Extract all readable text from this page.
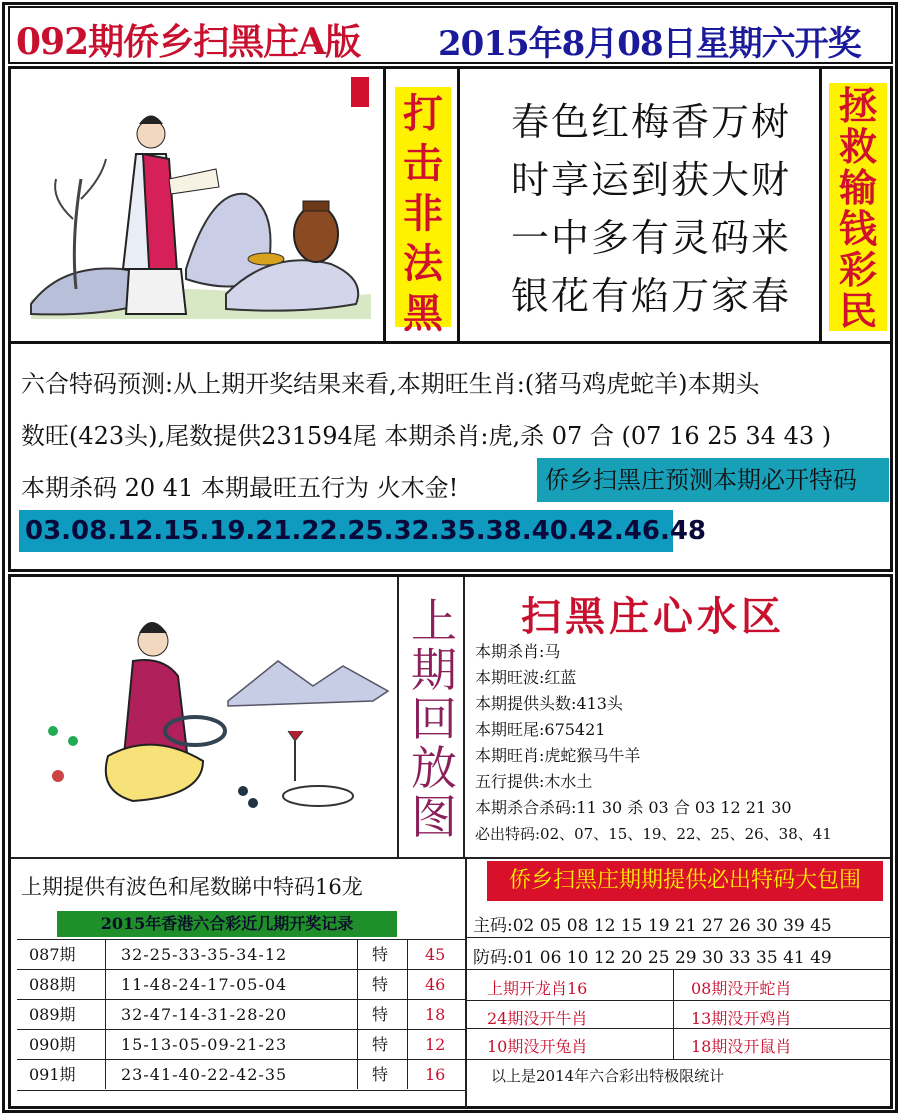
092期侨乡扫黑庄A版 2015年8月08日星期六开奖
打
击
非
法
黑
春色红梅香万树
时享运到获大财
一中多有灵码来
银花有焰万家春
拯
救
输
钱
彩
民
六合特码预测:从上期开奖结果来看,本期旺生肖:(猪马鸡虎蛇羊)本期头
数旺(423头),尾数提供231594尾 本期杀肖:虎,杀 07 合 (07 16 25 34 43 )
本期杀码 20 41 本期最旺五行为 火木金!	侨乡扫黑庄预测本期必开特码
03.08.12.15.19.21.22.25.32.35.38.40.42.46.48
上
期
回
放
图
扫黑庄心水区
本期杀肖:马
本期旺波:红蓝
本期提供头数:413头
本期旺尾:675421
本期旺肖:虎蛇猴马牛羊
五行提供:木水土
本期杀合杀码:11 30 杀 03 合 03 12 21 30
必出特码:02、07、15、19、22、25、26、38、41
上期提供有波色和尾数睇中特码16龙	侨乡扫黑庄期期提供必出特码大包围
2015年香港六合彩近几期开奖记录
087期	32-25-33-35-34-12	特 45
088期	11-48-24-17-05-04	特 46
089期	32-47-14-31-28-20	特 18
090期	15-13-05-09-21-23	特 12
091期	23-41-40-22-42-35	特 16
主码:02 05 08 12 15 19 21 27 26 30 39 45
防码:01 06 10 12 20 25 29 30 33 35 41 49
上期开龙肖16	08期没开蛇肖
24期没开牛肖	13期没开鸡肖
10期没开兔肖	18期没开鼠肖
以上是2014年六合彩出特极限统计
